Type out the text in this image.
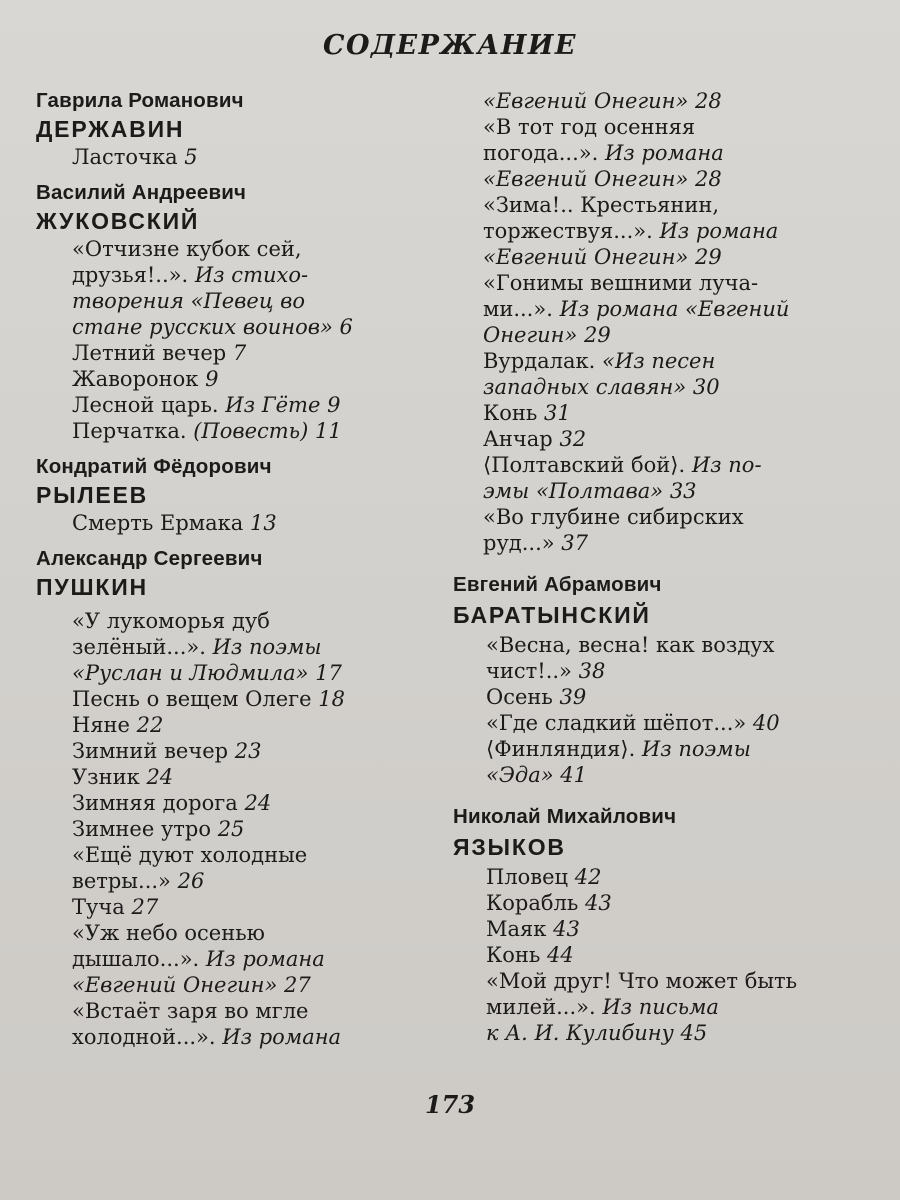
СОДЕРЖАНИЕ
Гаврила Романович
ДЕРЖАВИН
Ласточка 5
Василий Андреевич
ЖУКОВСКИЙ
«Отчизне кубок сей,
друзья!..». Из стихо-
творения «Певец во
стане русских воинов» 6
Летний вечер 7
Жаворонок 9
Лесной царь. Из Гёте 9
Перчатка. (Повесть) 11
Кондратий Фёдорович
РЫЛЕЕВ
Смерть Ермака 13
Александр Сергеевич
ПУШКИН
«У лукоморья дуб
зелёный...». Из поэмы
«Руслан и Людмила» 17
Песнь о вещем Олеге 18
Няне 22
Зимний вечер 23
Узник 24
Зимняя дорога 24
Зимнее утро 25
«Ещё дуют холодные
ветры...» 26
Туча 27
«Уж небо осенью
дышало...». Из романа
«Евгений Онегин» 27
«Встаёт заря во мгле
холодной...». Из романа
«Евгений Онегин» 28
«В тот год осенняя
погода...». Из романа
«Евгений Онегин» 28
«Зима!.. Крестьянин,
торжествуя...». Из романа
«Евгений Онегин» 29
«Гонимы вешними луча-
ми...». Из романа «Евгений
Онегин» 29
Вурдалак. «Из песен
западных славян» 30
Конь 31
Анчар 32
⟨Полтавский бой⟩. Из по-
эмы «Полтава» 33
«Во глубине сибирских
руд...» 37
Евгений Абрамович
БАРАТЫНСКИЙ
«Весна, весна! как воздух
чист!..» 38
Осень 39
«Где сладкий шёпот...» 40
⟨Финляндия⟩. Из поэмы
«Эда» 41
Николай Михайлович
ЯЗЫКОВ
Пловец 42
Корабль 43
Маяк 43
Конь 44
«Мой друг! Что может быть
милей...». Из письма
к А. И. Кулибину 45
173
